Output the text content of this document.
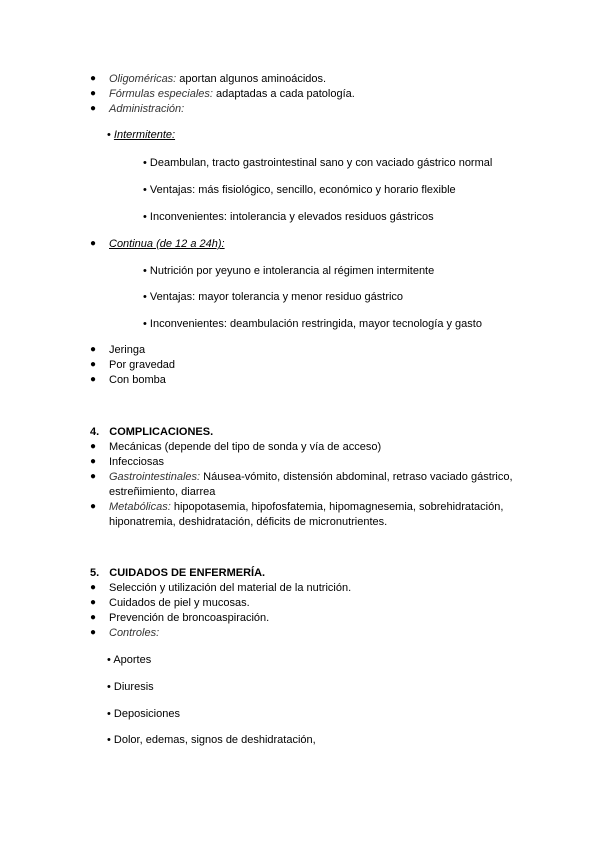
● Oligoméricas: aportan algunos aminoácidos.
● Fórmulas especiales: adaptadas a cada patología.
● Administración:
• Intermitente:
• Deambulan, tracto gastrointestinal sano y con vaciado gástrico normal
• Ventajas: más fisiológico, sencillo, económico y horario flexible
• Inconvenientes: intolerancia y elevados residuos gástricos
● Continua (de 12 a 24h):
• Nutrición por yeyuno e intolerancia al régimen intermitente
• Ventajas: mayor tolerancia y menor residuo gástrico
• Inconvenientes: deambulación restringida, mayor tecnología y gasto
● Jeringa
● Por gravedad
● Con bomba
4. COMPLICACIONES.
● Mecánicas (depende del tipo de sonda y vía de acceso)
● Infecciosas
● Gastrointestinales: Náusea-vómito, distensión abdominal, retraso vaciado gástrico,
estreñimiento, diarrea
● Metabólicas: hipopotasemia, hipofosfatemia, hipomagnesemia, sobrehidratación,
hiponatremia, deshidratación, déficits de micronutrientes.
5. CUIDADOS DE ENFERMERÍA.
● Selección y utilización del material de la nutrición.
● Cuidados de piel y mucosas.
● Prevención de broncoaspiración.
● Controles:
• Aportes
• Diuresis
• Deposiciones
• Dolor, edemas, signos de deshidratación,
